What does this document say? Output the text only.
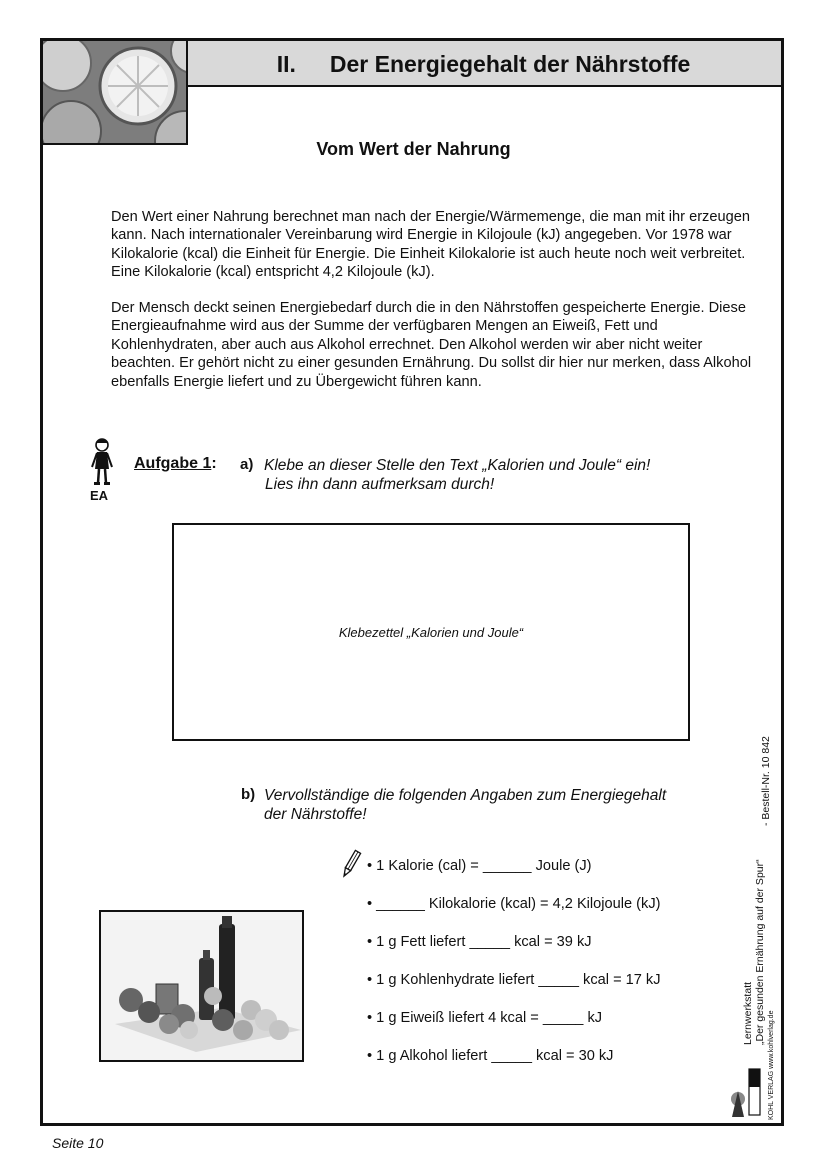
II. Der Energiegehalt der Nährstoffe
Vom Wert der Nahrung
Den Wert einer Nahrung berechnet man nach der Energie/Wärmemenge, die man mit ihr erzeugen kann. Nach internationaler Vereinbarung wird Energie in Kilojoule (kJ) angegeben. Vor 1978 war Kilokalorie (kcal) die Einheit für Energie. Die Einheit Kilokalorie ist auch heute noch weit verbreitet. Eine Kilokalorie (kcal) entspricht 4,2 Kilojoule (kJ).
Der Mensch deckt seinen Energiebedarf durch die in den Nährstoffen gespeicherte Energie. Diese Energieaufnahme wird aus der Summe der verfügbaren Mengen an Eiweiß, Fett und Kohlenhydraten, aber auch aus Alkohol errechnet. Den Alkohol werden wir aber nicht weiter beachten. Er gehört nicht zu einer gesunden Ernährung. Du sollst dir hier nur merken, dass Alkohol ebenfalls Energie liefert und zu Übergewicht führen kann.
EA
Aufgabe 1: a) Klebe an dieser Stelle den Text „Kalorien und Joule“ ein!
Lies ihn dann aufmerksam durch!
Klebezettel „Kalorien und Joule“
b) Vervollständige die folgenden Angaben zum Energiegehalt
der Nährstoffe!
• 1 Kalorie (cal) = ______ Joule (J)
• ______ Kilokalorie (kcal) = 4,2 Kilojoule (kJ)
• 1 g Fett liefert _____ kcal = 39 kJ
• 1 g Kohlenhydrate liefert _____ kcal = 17 kJ
• 1 g Eiweiß liefert 4 kcal = _____ kJ
• 1 g Alkohol liefert _____ kcal = 30 kJ
Lernwerkstatt „Der gesunden Ernährung auf der Spur“
- Bestell-Nr. 10 842
KOHL VERLAG www.kohlverlag.de
Seite 10
